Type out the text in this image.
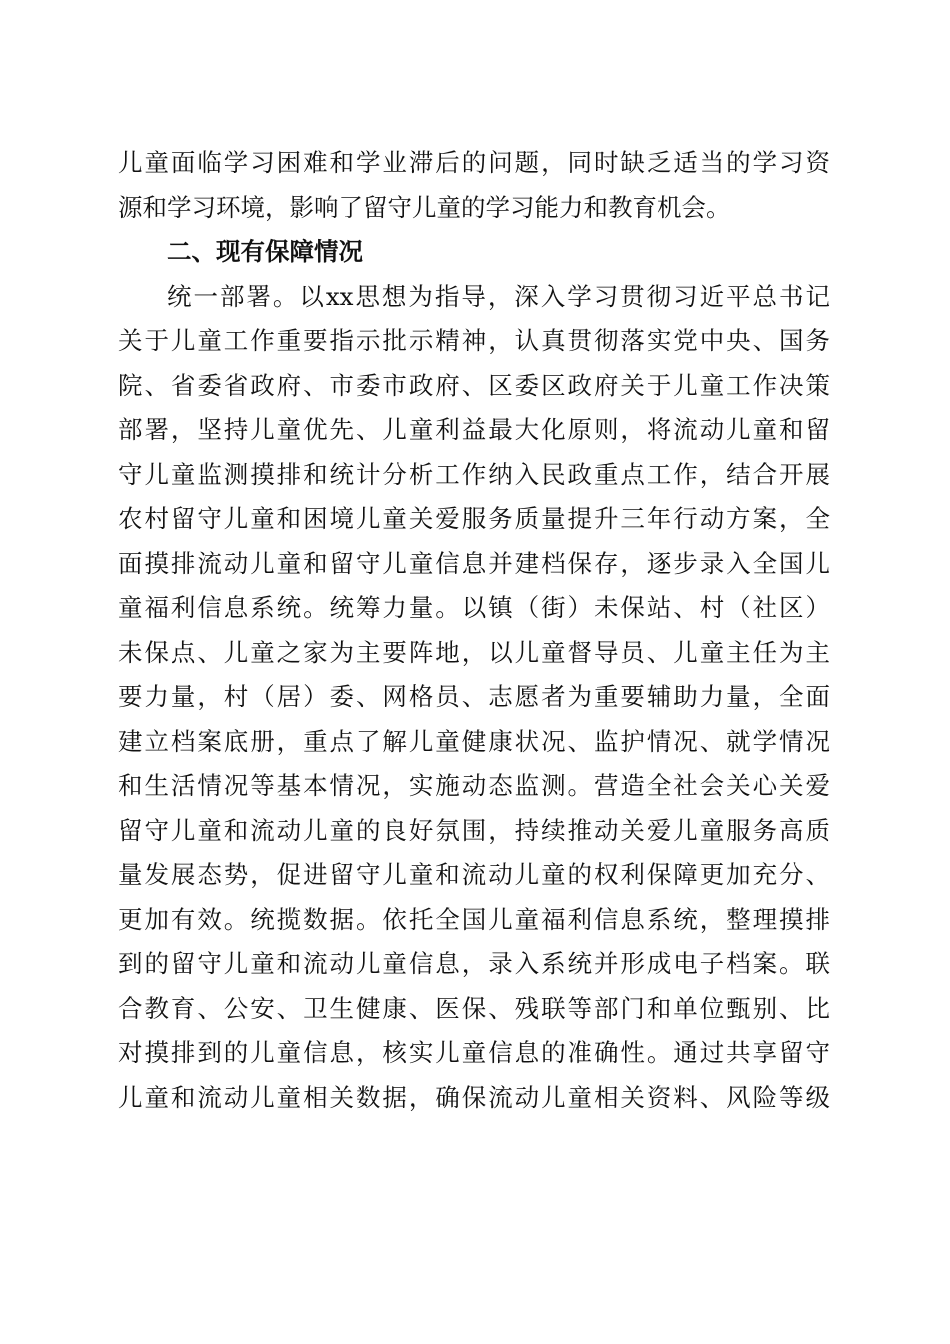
儿童面临学习困难和学业滞后的问题，同时缺乏适当的学习资
源和学习环境，影响了留守儿童的学习能力和教育机会。
二、现有保障情况
统一部署。以xx思想为指导，深入学习贯彻习近平总书记
关于儿童工作重要指示批示精神，认真贯彻落实党中央、国务
院、省委省政府、市委市政府、区委区政府关于儿童工作决策
部署，坚持儿童优先、儿童利益最大化原则，将流动儿童和留
守儿童监测摸排和统计分析工作纳入民政重点工作，结合开展
农村留守儿童和困境儿童关爱服务质量提升三年行动方案，全
面摸排流动儿童和留守儿童信息并建档保存，逐步录入全国儿
童福利信息系统。统筹力量。以镇（街）未保站、村（社区）
未保点、儿童之家为主要阵地，以儿童督导员、儿童主任为主
要力量，村（居）委、网格员、志愿者为重要辅助力量，全面
建立档案底册，重点了解儿童健康状况、监护情况、就学情况
和生活情况等基本情况，实施动态监测。营造全社会关心关爱
留守儿童和流动儿童的良好氛围，持续推动关爱儿童服务高质
量发展态势，促进留守儿童和流动儿童的权利保障更加充分、
更加有效。统揽数据。依托全国儿童福利信息系统，整理摸排
到的留守儿童和流动儿童信息，录入系统并形成电子档案。联
合教育、公安、卫生健康、医保、残联等部门和单位甄别、比
对摸排到的儿童信息，核实儿童信息的准确性。通过共享留守
儿童和流动儿童相关数据，确保流动儿童相关资料、风险等级
